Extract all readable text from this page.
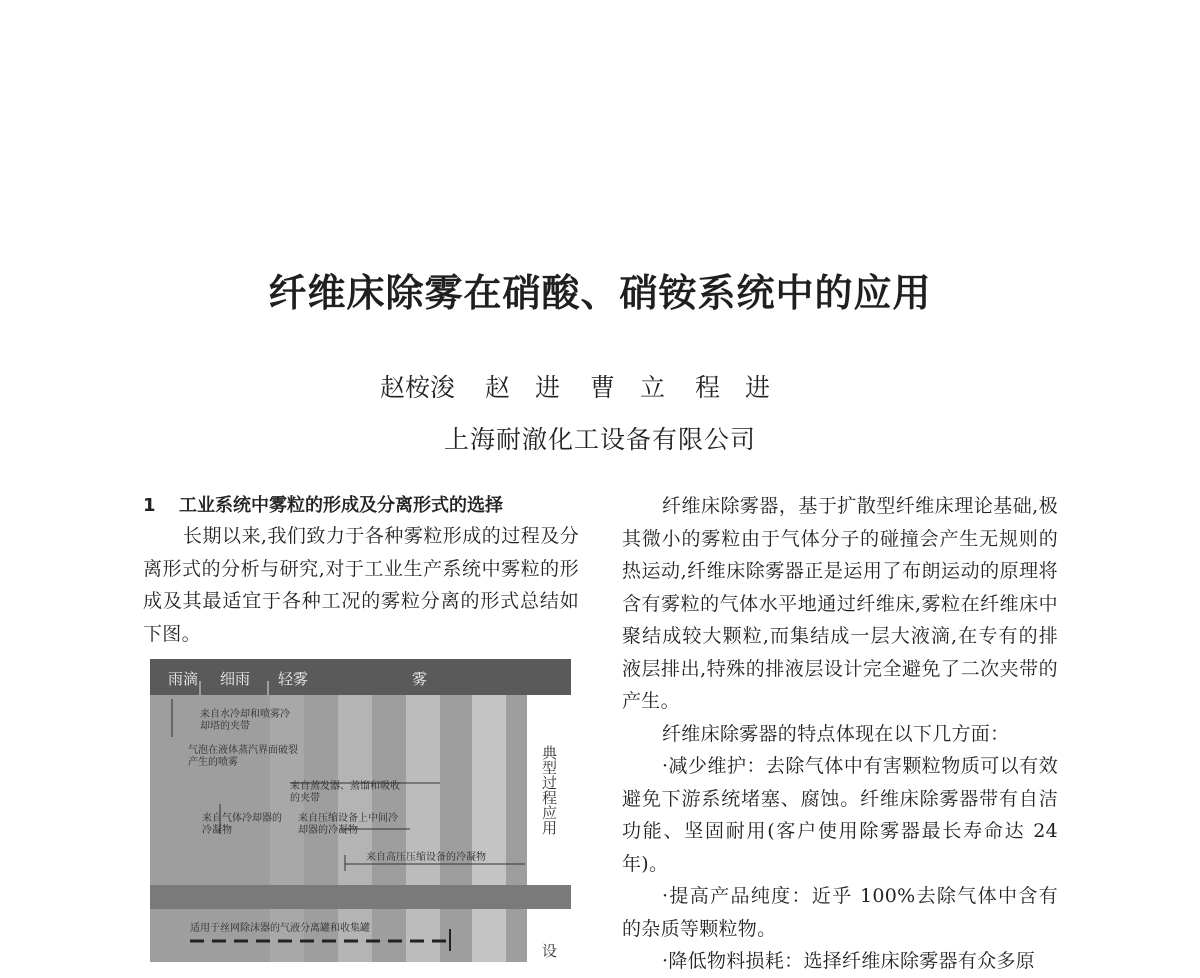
纤维床除雾在硝酸、硝铵系统中的应用
赵桉浚 赵　进 曹　立 程　进
上海耐澈化工设备有限公司
1	工业系统中雾粒的形成及分离形式的选择

长期以来,我们致力于各种雾粒形成的过程及分离形式的分析与研究,对于工业生产系统中雾粒的形成及其最适宜于各种工况的雾粒分离的形式总结如下图。

雨滴 细雨 轻雾	雾
来自水冷却和喷雾冷却塔的夹带
气泡在液体蒸汽界面破裂产生的喷雾
来自蒸发器、蒸馏和吸收的夹带
来自气体冷却器的冷凝物
来自压缩设备上中间冷却器的冷凝物
来自高压压缩设备的冷凝物
适用于丝网除沫器的气液分离罐和收集罐
典型过程应用
设

纤维床除雾器，基于扩散型纤维床理论基础,极其微小的雾粒由于气体分子的碰撞会产生无规则的热运动,纤维床除雾器正是运用了布朗运动的原理将含有雾粒的气体水平地通过纤维床,雾粒在纤维床中聚结成较大颗粒,而集结成一层大液滴,在专有的排液层排出,特殊的排液层设计完全避免了二次夹带的产生。

纤维床除雾器的特点体现在以下几方面：

·减少维护：去除气体中有害颗粒物质可以有效避免下游系统堵塞、腐蚀。纤维床除雾器带有自洁功能、坚固耐用(客户使用除雾器最长寿命达 24 年)。

·提高产品纯度：近乎 100%去除气体中含有的杂质等颗粒物。

·降低物料损耗：选择纤维床除雾器有众多原
